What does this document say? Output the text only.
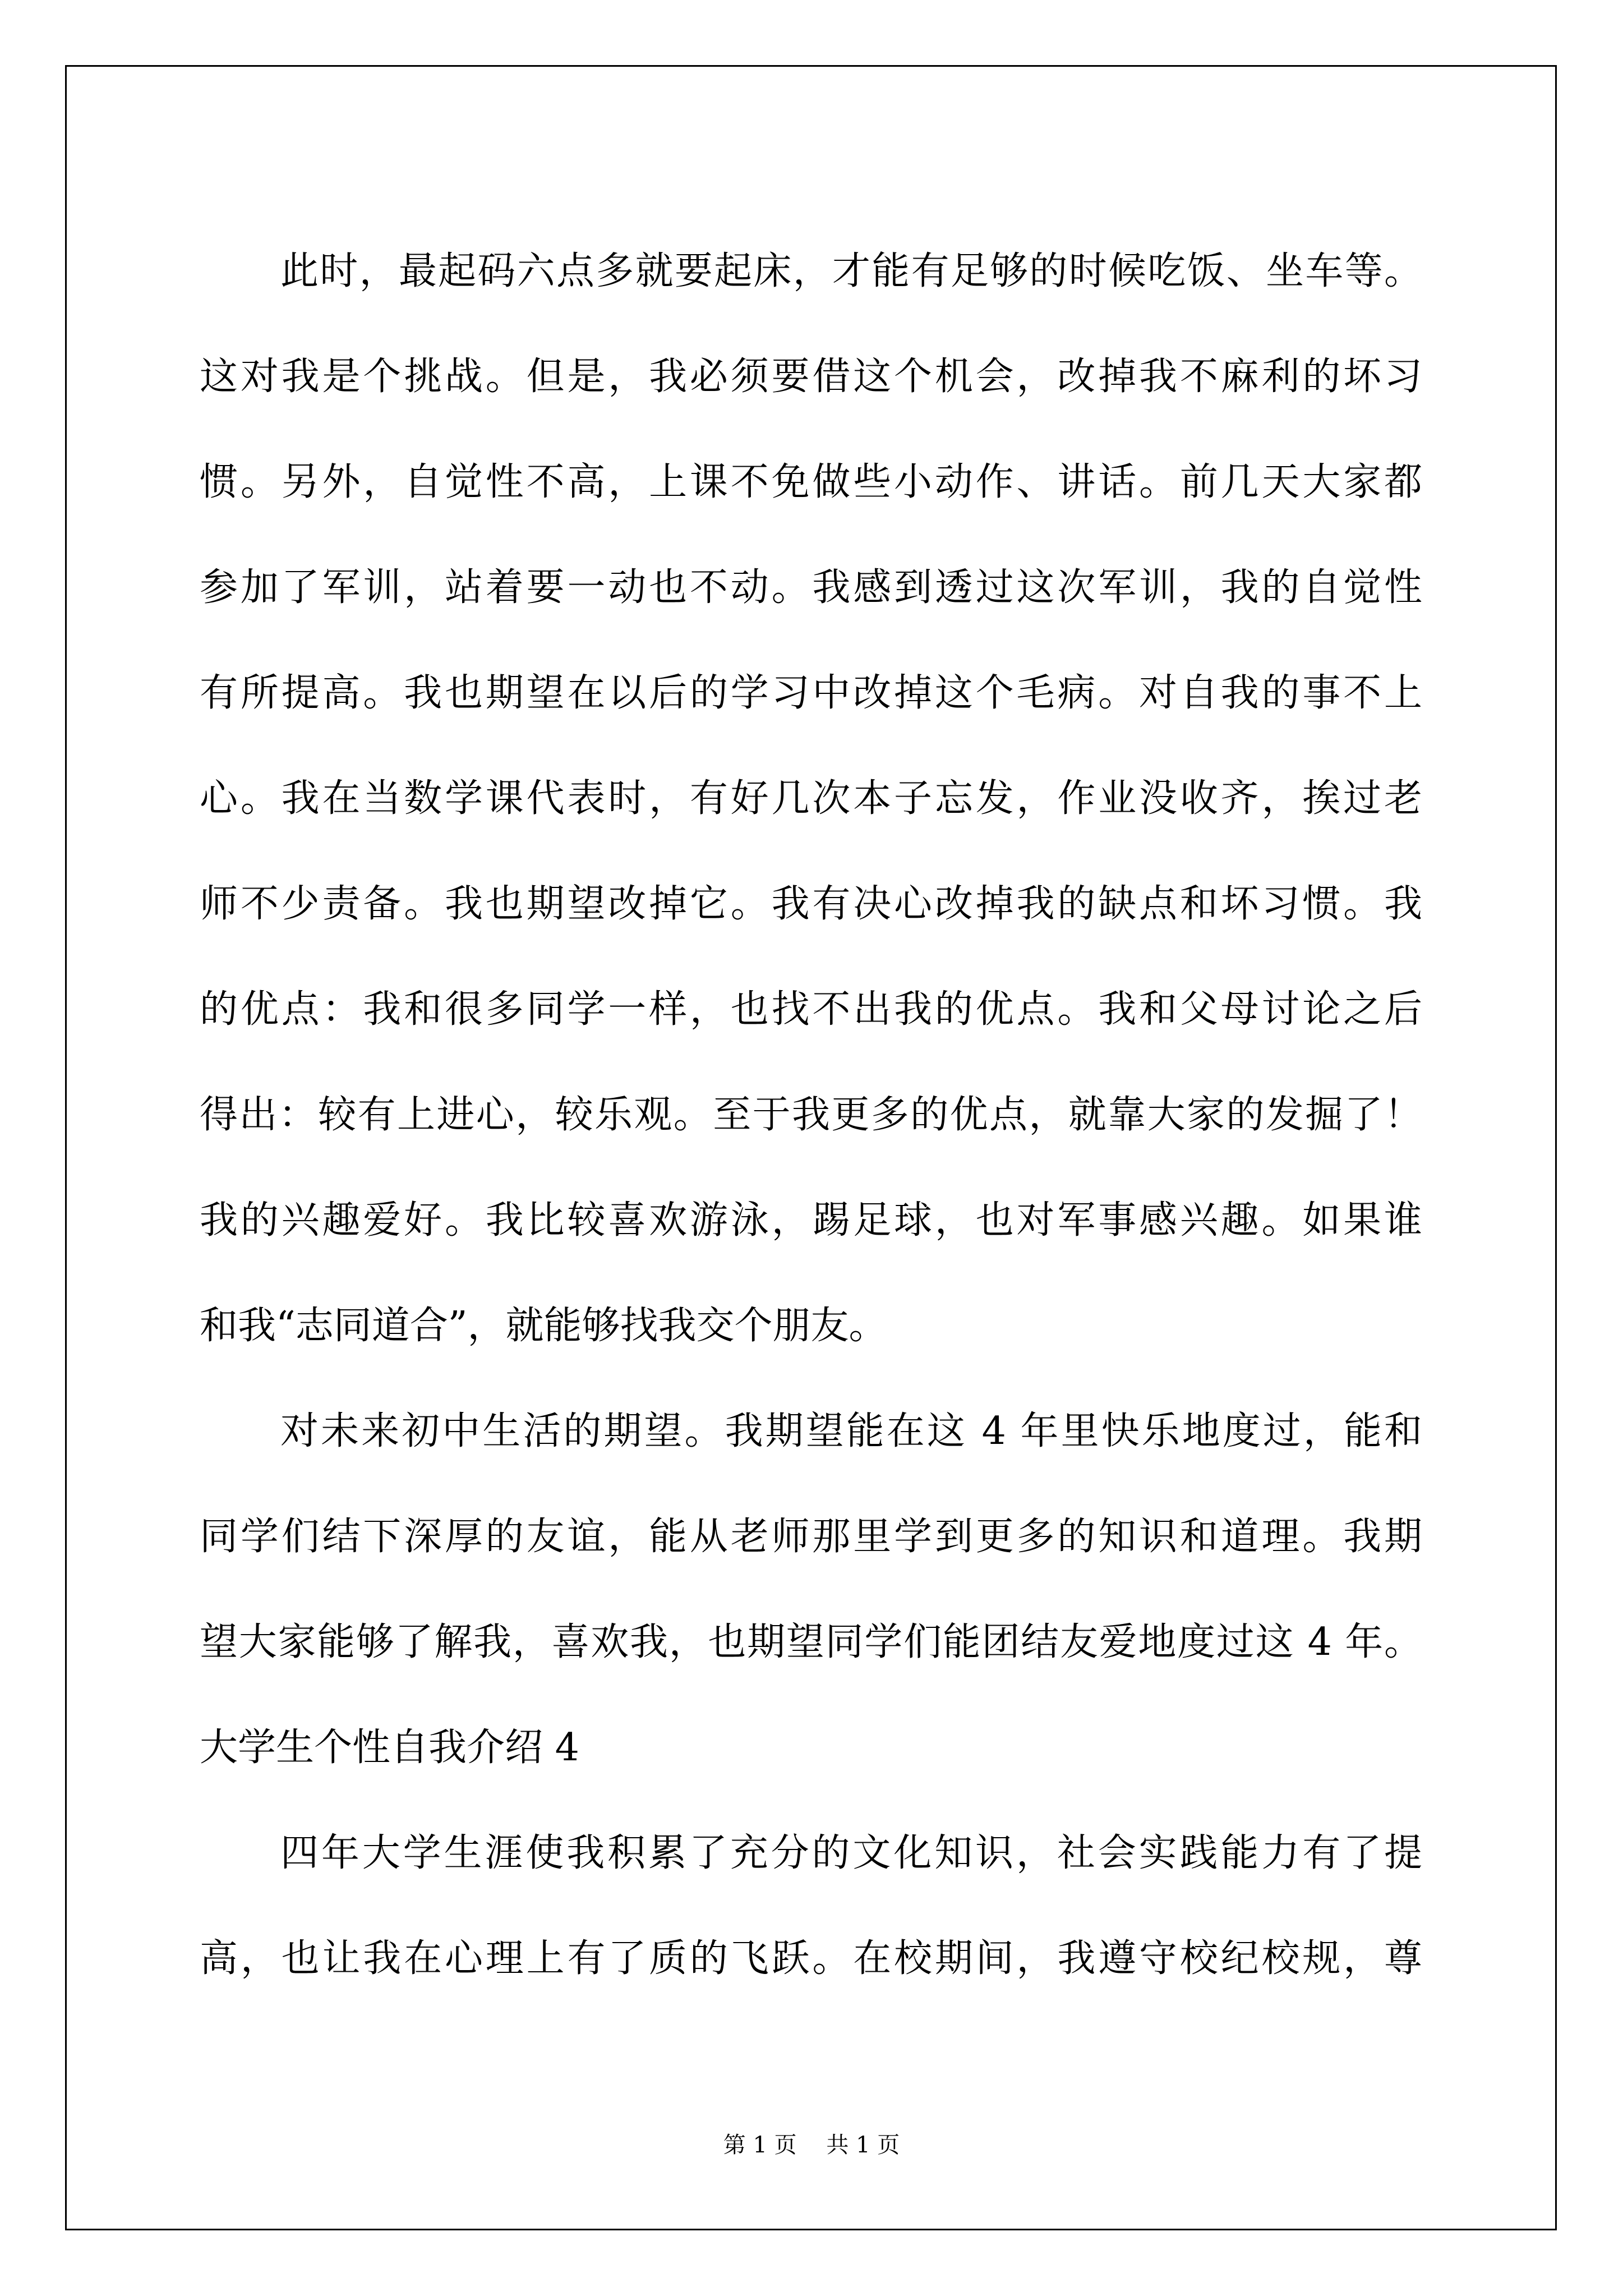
此时，最起码六点多就要起床，才能有足够的时候吃饭、坐车等。
这对我是个挑战。但是，我必须要借这个机会，改掉我不麻利的坏习
惯。另外，自觉性不高，上课不免做些小动作、讲话。前几天大家都
参加了军训，站着要一动也不动。我感到透过这次军训，我的自觉性
有所提高。我也期望在以后的学习中改掉这个毛病。对自我的事不上
心。我在当数学课代表时，有好几次本子忘发，作业没收齐，挨过老
师不少责备。我也期望改掉它。我有决心改掉我的缺点和坏习惯。我
的优点：我和很多同学一样，也找不出我的优点。我和父母讨论之后
得出：较有上进心，较乐观。至于我更多的优点，就靠大家的发掘了！
我的兴趣爱好。我比较喜欢游泳，踢足球，也对军事感兴趣。如果谁
和我“志同道合”，就能够找我交个朋友。
对未来初中生活的期望。我期望能在这 4 年里快乐地度过，能和
同学们结下深厚的友谊，能从老师那里学到更多的知识和道理。我期
望大家能够了解我，喜欢我，也期望同学们能团结友爱地度过这 4 年。
大学生个性自我介绍 4
四年大学生涯使我积累了充分的文化知识，社会实践能力有了提
高，也让我在心理上有了质的飞跃。在校期间，我遵守校纪校规，尊
第 1 页 共 1 页
